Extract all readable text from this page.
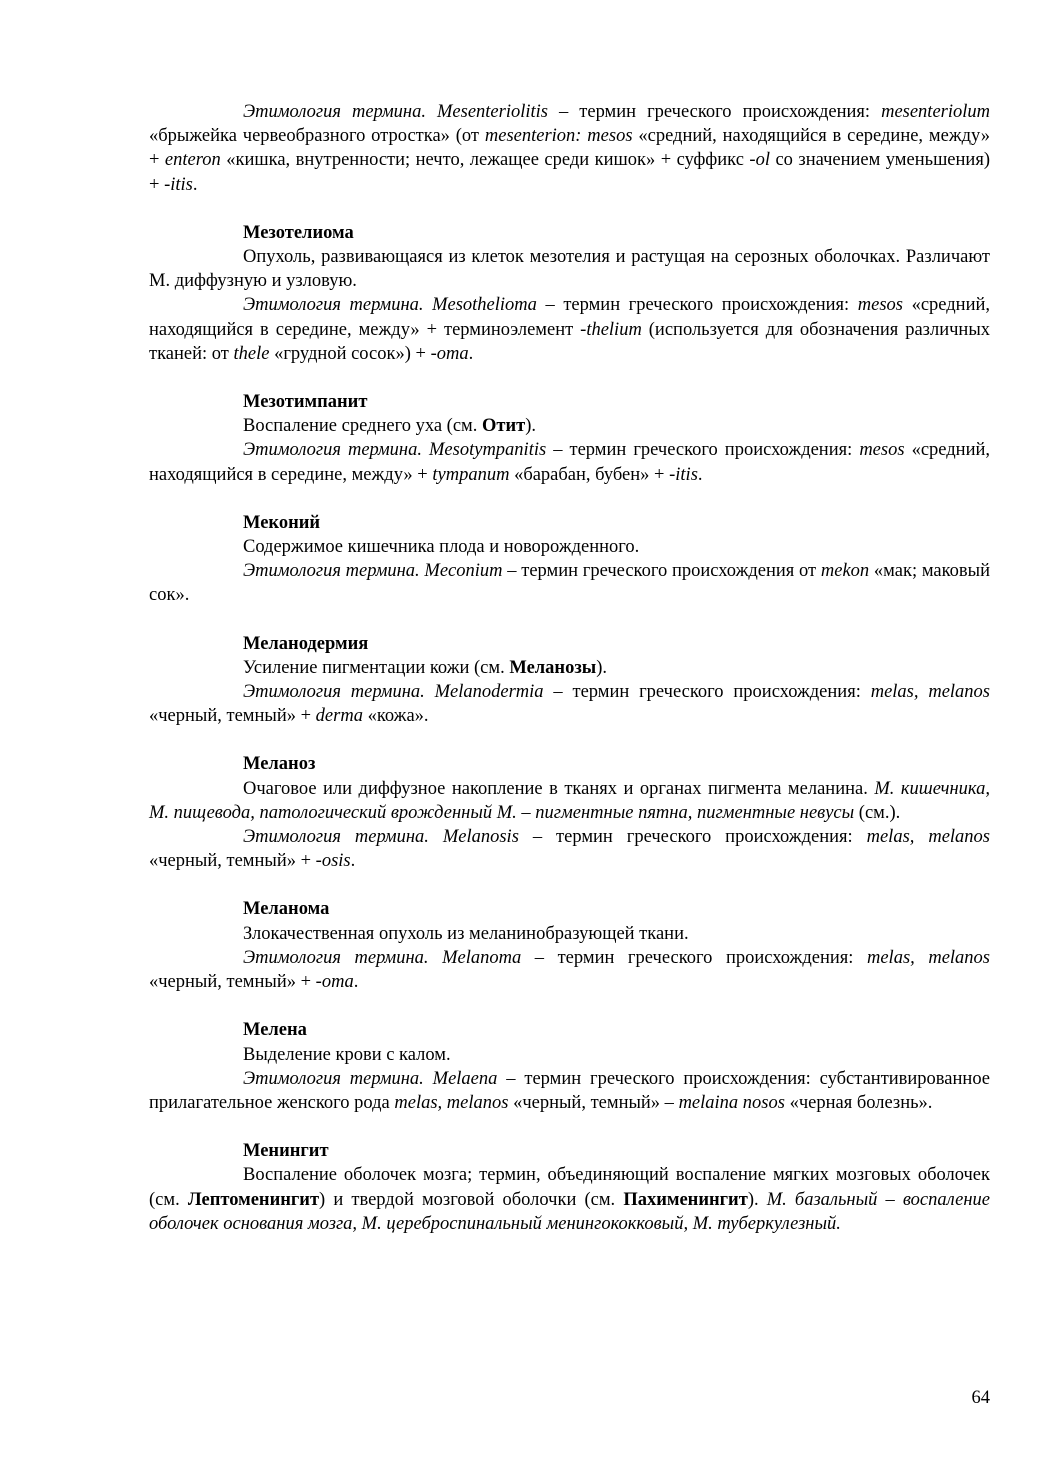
Этимология термина. Mesenteriolitis – термин греческого происхождения: mesenteriolum «брыжейка червеобразного отростка» (от mesenterion: mesos «средний, находящийся в середине, между» + enteron «кишка, внутренности; нечто, лежащее среди кишок» + суффикс -ol со значением уменьшения) + -itis.

Мезотелиома

Опухоль, развивающаяся из клеток мезотелия и растущая на серозных оболочках. Различают М. диффузную и узловую.

Этимология термина. Mesotheliomа – термин греческого происхождения: mesos «средний, находящийся в середине, между» + терминоэлемент -thelium (используется для обозначения различных тканей: от thele «грудной сосок») + -oma.

Мезотимпанит

Воспаление среднего уха (см. Отит).

Этимология термина. Mesotympanitis – термин греческого происхождения: mesos «средний, находящийся в середине, между» + tympanum «барабан, бубен» + -itis.

Меконий

Содержимое кишечника плода и новорожденного.

Этимология термина. Meconium – термин греческого происхождения от mekon «мак; маковый сок».

Меланодермия

Усиление пигментации кожи (см. Меланозы).

Этимология термина. Melanodermia – термин греческого происхождения: melas, melanos «черный, темный» + derma «кожа».

Меланоз

Очаговое или диффузное накопление в тканях и органах пигмента меланина. М. кишечника, М. пищевода, патологический врожденный М. – пигментные пятна, пигментные невусы (см.).

Этимология термина. Melanosis – термин греческого происхождения: melas, melanos «черный, темный» + -osis.

Меланома

Злокачественная опухоль из меланинобразующей ткани.

Этимология термина. Melanoma – термин греческого происхождения: melas, melanos «черный, темный» + -oma.

Мелена

Выделение крови с калом.

Этимология термина. Melaena – термин греческого происхождения: субстантивированное прилагательное женского рода melas, melanos «черный, темный» – melaina nosos «черная болезнь».

Менингит

Воспаление оболочек мозга; термин, объединяющий воспаление мягких мозговых оболочек (см. Лептоменингит) и твердой мозговой оболочки (см. Пахименингит). М. базальный – воспаление оболочек основания мозга, М. цереброспинальный менингококковый, М. туберкулезный.

64
